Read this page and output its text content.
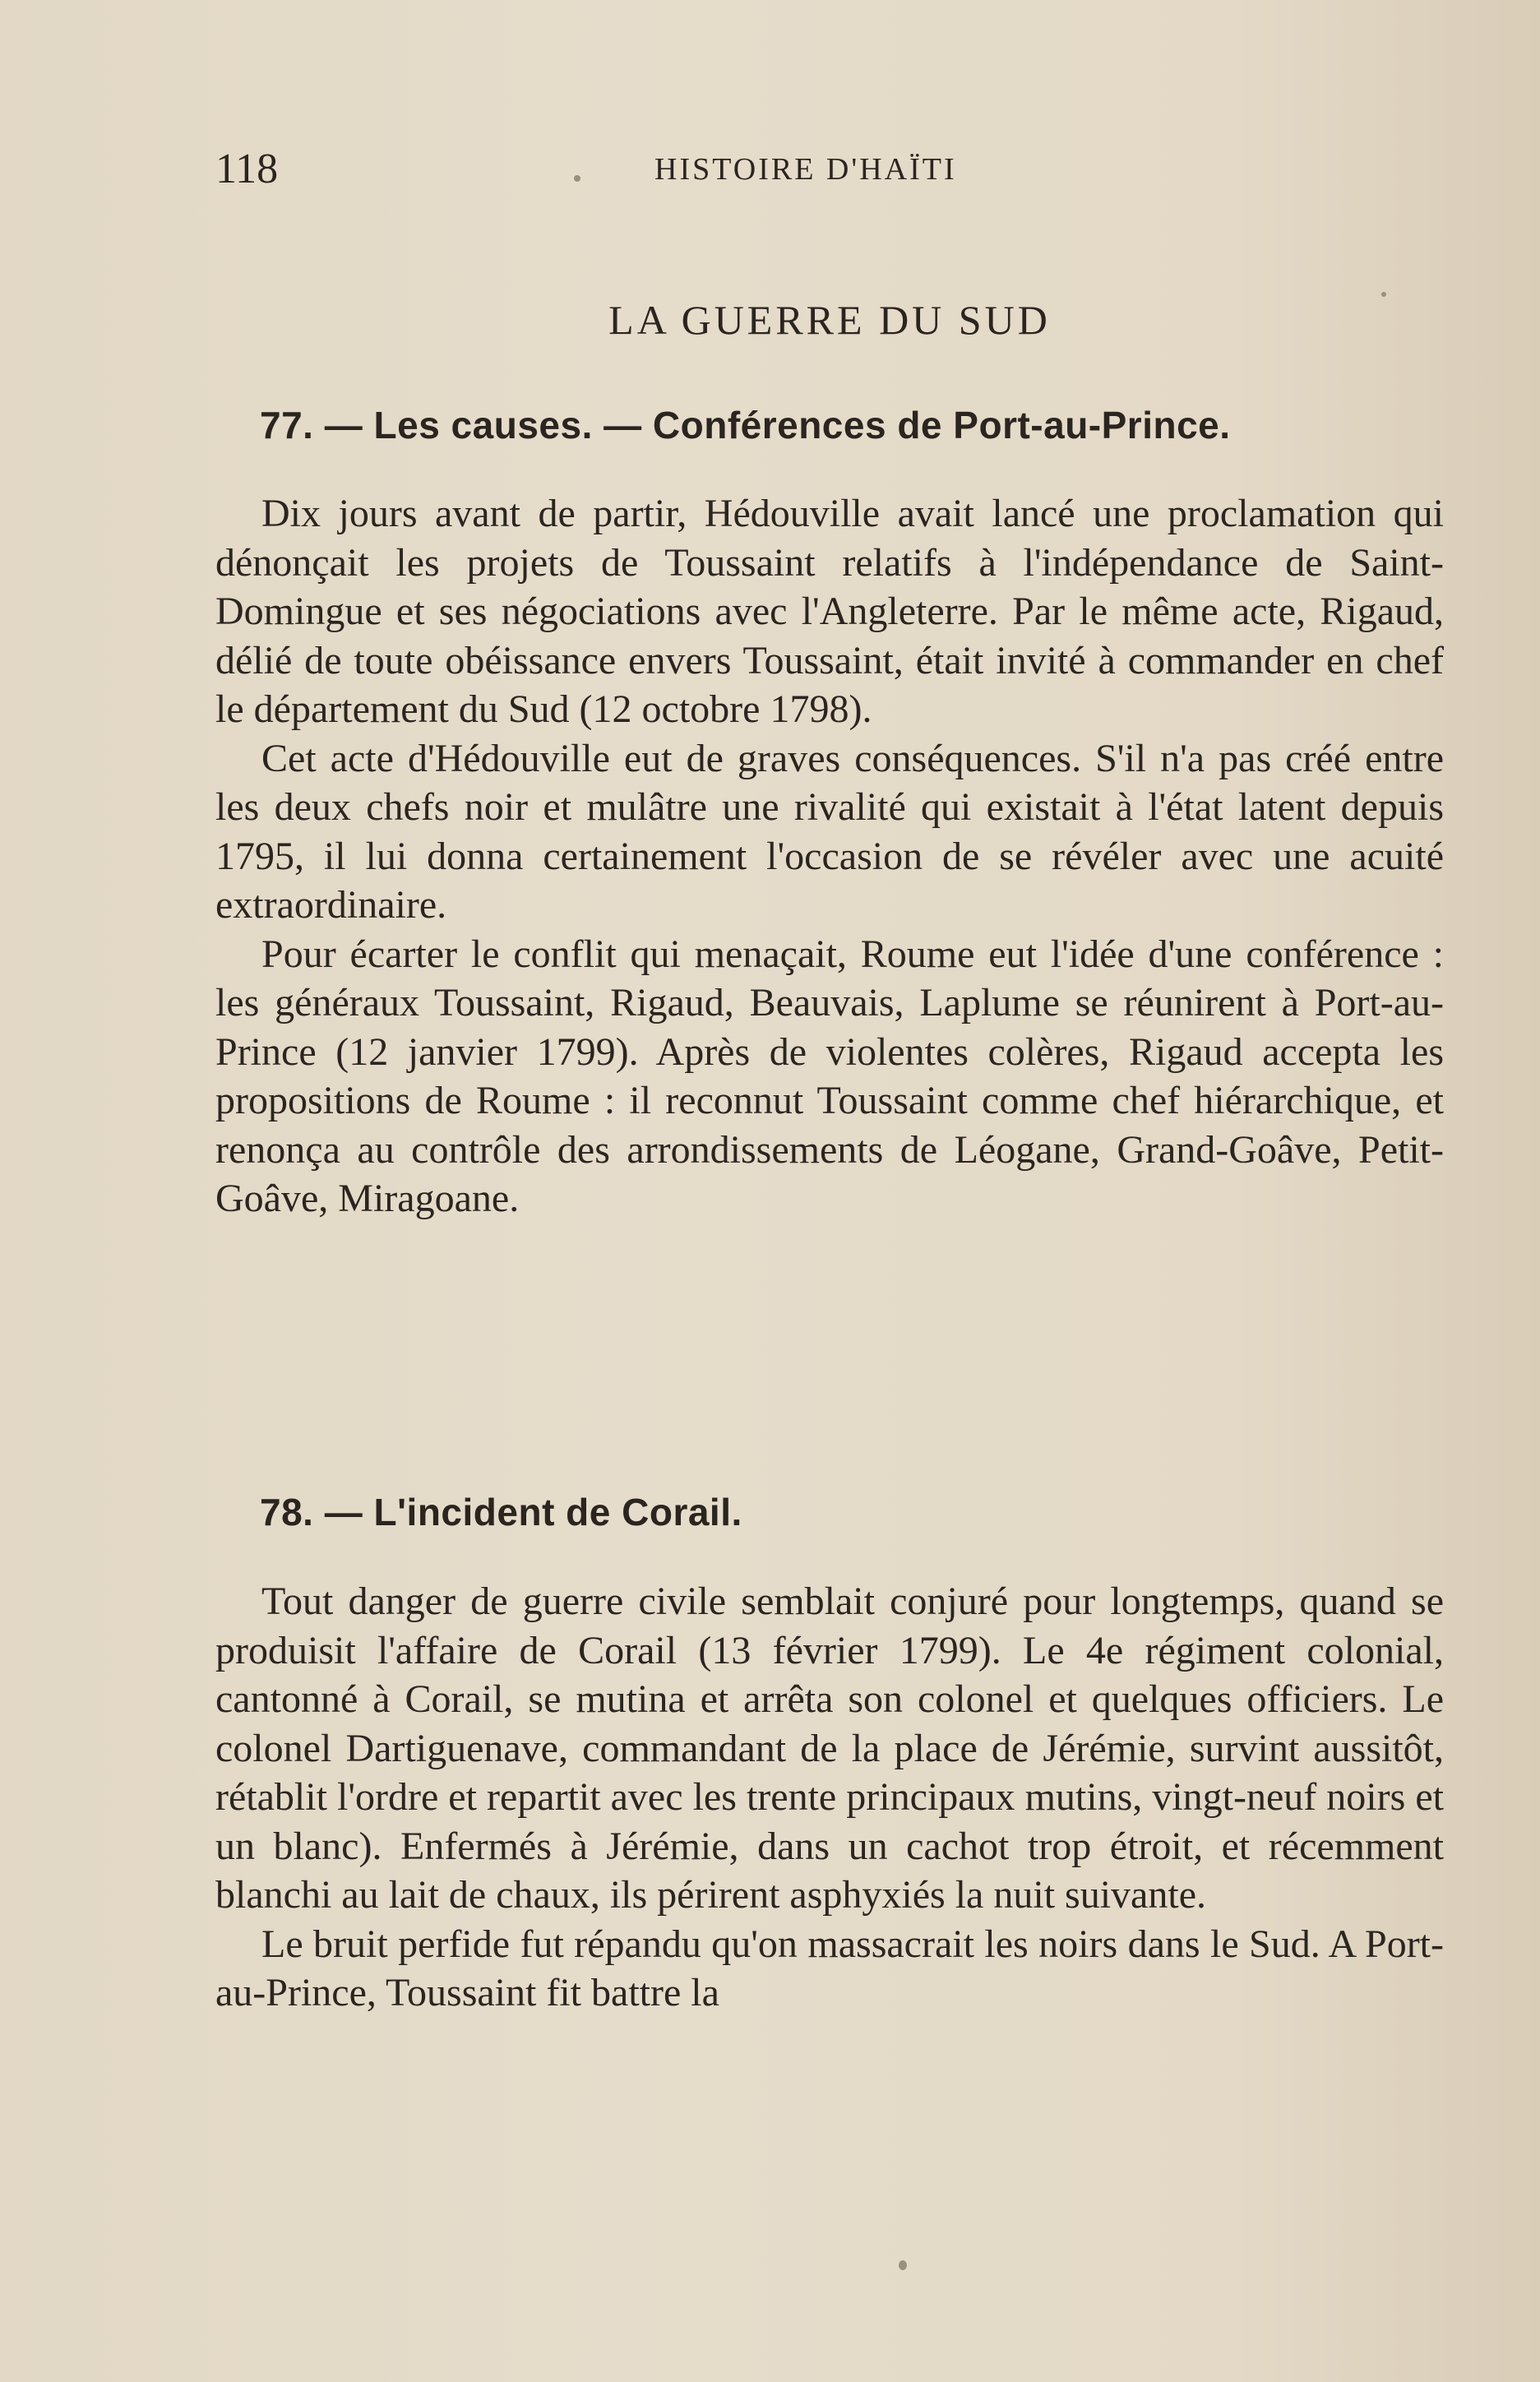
118	HISTOIRE D'HAÏTI
LA GUERRE DU SUD
77. — Les causes. — Conférences de Port-au-Prince.

Dix jours avant de partir, Hédouville avait lancé une proclamation qui dénonçait les projets de Toussaint relatifs à l'indépendance de Saint-Domingue et ses négociations avec l'Angleterre. Par le même acte, Rigaud, délié de toute obéissance envers Toussaint, était invité à commander en chef le département du Sud (12 octobre 1798).

Cet acte d'Hédouville eut de graves conséquences. S'il n'a pas créé entre les deux chefs noir et mulâtre une rivalité qui existait à l'état latent depuis 1795, il lui donna certainement l'occasion de se révéler avec une acuité extraordinaire.

Pour écarter le conflit qui menaçait, Roume eut l'idée d'une conférence : les généraux Toussaint, Rigaud, Beauvais, Laplume se réunirent à Port-au-Prince (12 janvier 1799). Après de violentes colères, Rigaud accepta les propositions de Roume : il reconnut Toussaint comme chef hiérarchique, et renonça au contrôle des arrondissements de Léogane, Grand-Goâve, Petit-Goâve, Miragoane.

78. — L'incident de Corail.

Tout danger de guerre civile semblait conjuré pour longtemps, quand se produisit l'affaire de Corail (13 février 1799). Le 4e régiment colonial, cantonné à Corail, se mutina et arrêta son colonel et quelques officiers. Le colonel Dartiguenave, commandant de la place de Jérémie, survint aussitôt, rétablit l'ordre et repartit avec les trente principaux mutins, vingt-neuf noirs et un blanc). Enfermés à Jérémie, dans un cachot trop étroit, et récemment blanchi au lait de chaux, ils périrent asphyxiés la nuit suivante.

Le bruit perfide fut répandu qu'on massacrait les noirs dans le Sud. A Port-au-Prince, Toussaint fit battre la
